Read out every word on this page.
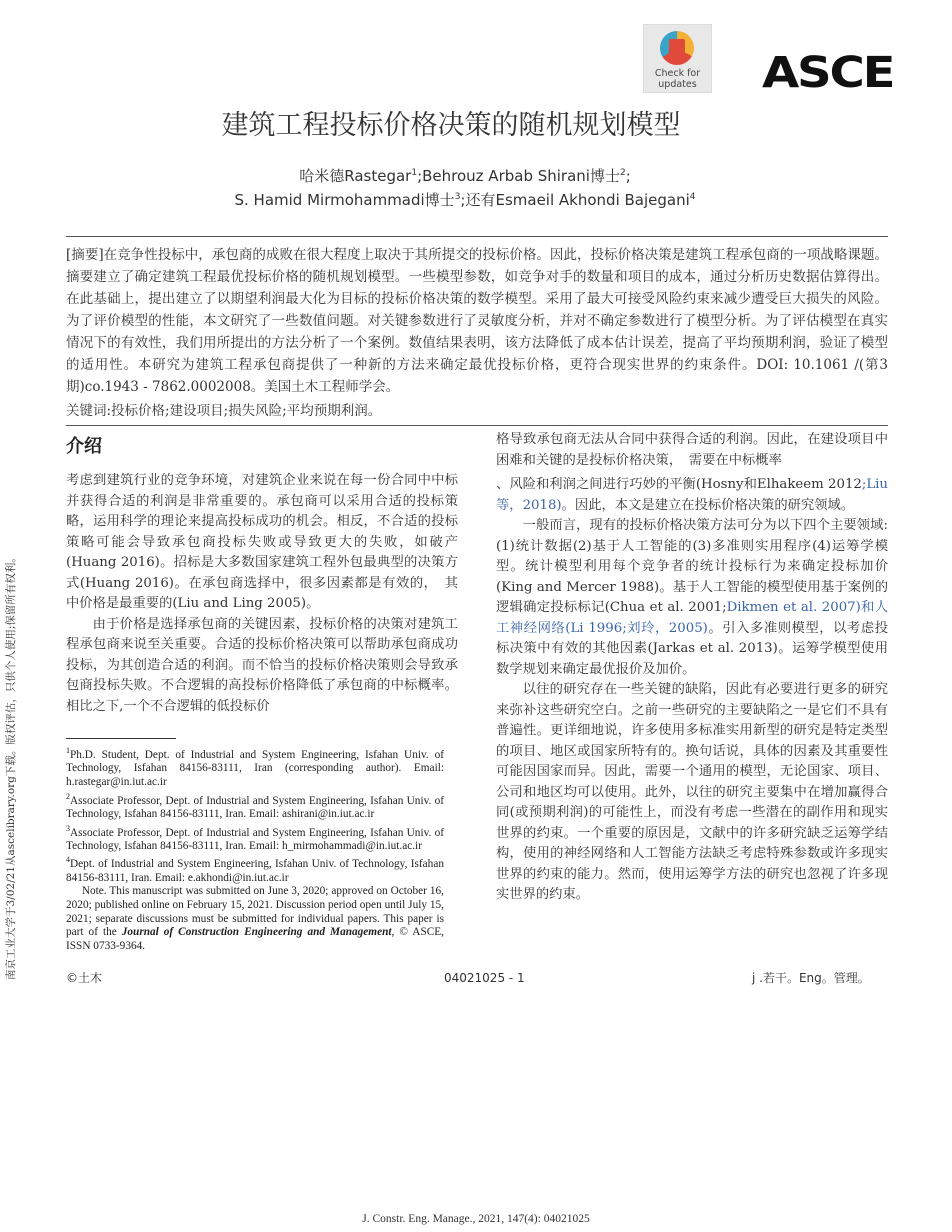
Check for updates	ASCE
建筑工程投标价格决策的随机规划模型
哈米德Rastegar$^1$;Behrouz Arbab Shirani博士$^2$;
S. Hamid Mirmohammadi博士$^3$;还有Esmaeil Akhondi Bajegani$^4$
[摘要]在竞争性投标中，承包商的成败在很大程度上取决于其所提交的投标价格。因此，投标价格决策是建筑工程承包商的一项战略课题。摘要建立了确定建筑工程最优投标价格的随机规划模型。一些模型参数，如竞争对手的数量和项目的成本，通过分析历史数据估算得出。在此基础上，提出建立了以期望利润最大化为目标的投标价格决策的数学模型。采用了最大可接受风险约束来减少遭受巨大损失的风险。为了评价模型的性能，本文研究了一些数值问题。对关键参数进行了灵敏度分析，并对不确定参数进行了模型分析。为了评估模型在真实情况下的有效性，我们用所提出的方法分析了一个案例。数值结果表明，该方法降低了成本估计误差，提高了平均预期利润，验证了模型的适用性。本研究为建筑工程承包商提供了一种新的方法来确定最优投标价格，更符合现实世界的约束条件。DOI: 10.1061 /(第3期)co.1943 - 7862.0002008。美国土木工程师学会。
关键词:投标价格;建设项目;损失风险;平均预期利润。
介绍

考虑到建筑行业的竞争环境，对建筑企业来说在每一份合同中中标并获得合适的利润是非常重要的。承包商可以采用合适的投标策略，运用科学的理论来提高投标成功的机会。相反，不合适的投标策略可能会导致承包商投标失败或导致更大的失败，如破产(Huang 2016)。招标是大多数国家建筑工程外包最典型的决策方式(Huang 2016)。在承包商选择中，很多因素都是有效的，　其中价格是最重要的(Liu and Ling 2005)。

由于价格是选择承包商的关键因素，投标价格的决策对建筑工程承包商来说至关重要。合适的投标价格决策可以帮助承包商成功投标，为其创造合适的利润。而不恰当的投标价格决策则会导致承包商投标失败。不合逻辑的高投标价格降低了承包商的中标概率。相比之下,一个不合逻辑的低投标价

$^1$Ph.D. Student, Dept. of Industrial and System Engineering, Isfahan Univ. of Technology, Isfahan 84156-83111, Iran (corresponding author). Email: h.rastegar@in.iut.ac.ir

$^2$Associate Professor, Dept. of Industrial and System Engineering, Isfahan Univ. of Technology, Isfahan 84156-83111, Iran. Email: ashirani@in.iut.ac.ir

$^3$Associate Professor, Dept. of Industrial and System Engineering, Isfahan Univ. of Technology, Isfahan 84156-83111, Iran. Email: h_mirmohammadi@in.iut.ac.ir

$^4$Dept. of Industrial and System Engineering, Isfahan Univ. of Technology, Isfahan 84156-83111, Iran. Email: e.akhondi@in.iut.ac.ir

Note. This manuscript was submitted on June 3, 2020; approved on October 16, 2020; published online on February 15, 2021. Discussion period open until July 15, 2021; separate discussions must be submitted for individual papers. This paper is part of the Journal of Construction Engineering and Management, © ASCE, ISSN 0733-9364.

格导致承包商无法从合同中获得合适的利润。因此，在建设项目中困难和关键的是投标价格决策，　需要在中标概率

、风险和利润之间进行巧妙的平衡(Hosny和Elhakeem 2012;Liu等，2018)。因此，本文是建立在投标价格决策的研究领域。

一般而言，现有的投标价格决策方法可分为以下四个主要领域:(1)统计数据(2)基于人工智能的(3)多准则实用程序(4)运筹学模型。统计模型利用每个竞争者的统计投标行为来确定投标加价(King and Mercer 1988)。基于人工智能的模型使用基于案例的逻辑确定投标标记(Chua et al. 2001;Dikmen et al. 2007)和人工神经网络(Li 1996;刘玲，2005)。引入多准则模型，以考虑投标决策中有效的其他因素(Jarkas et al. 2013)。运筹学模型使用数学规划来确定最优报价及加价。

以往的研究存在一些关键的缺陷，因此有必要进行更多的研究来弥补这些研究空白。之前一些研究的主要缺陷之一是它们不具有普遍性。更详细地说，许多使用多标准实用新型的研究是特定类型的项目、地区或国家所特有的。换句话说，具体的因素及其重要性可能因国家而异。因此，需要一个通用的模型，无论国家、项目、公司和地区均可以使用。此外，以往的研究主要集中在增加赢得合同(或预期利润)的可能性上，而没有考虑一些潜在的副作用和现实世界的约束。一个重要的原因是，文献中的许多研究缺乏运筹学结构，使用的神经网络和人工智能方法缺乏考虑特殊参数或许多现实世界的约束的能力。然而，使用运筹学方法的研究也忽视了许多现实世界的约束。

©土木	04021025 - 1	j .若干。Eng。管理。
南京工业大学于3/02/21从ascelibrary.org下载。版权评估，只供个人使用;保留所有权利。
J. Constr. Eng. Manage., 2021, 147(4): 04021025
